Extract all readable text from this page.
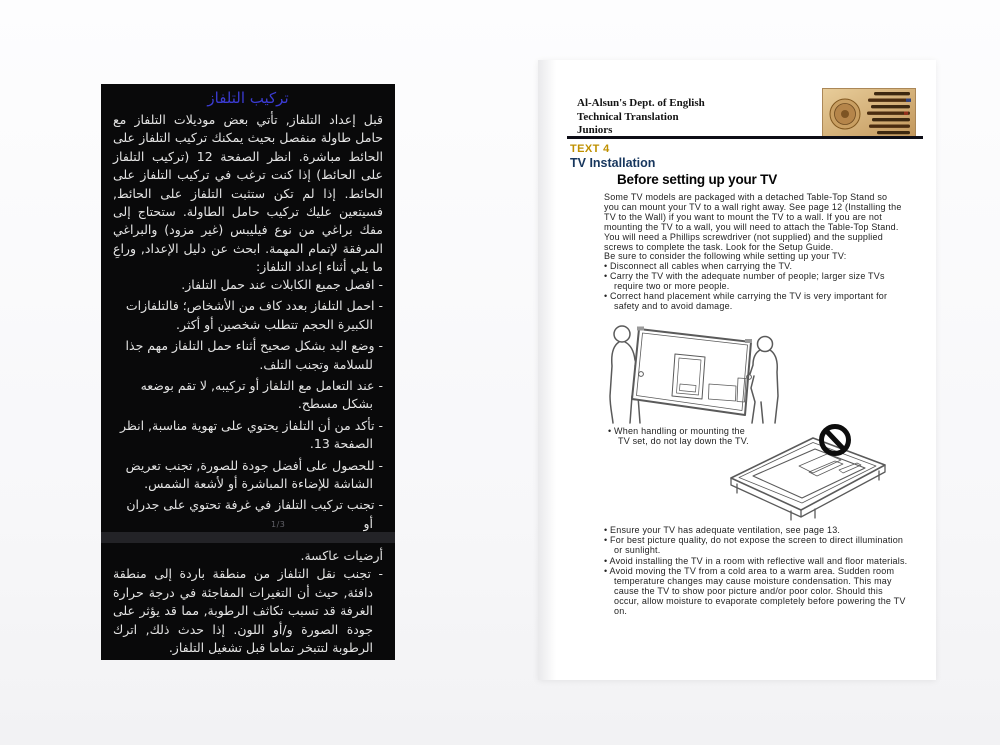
تركيب التلفاز
قبل إعداد التلفاز, تأتي بعض موديلات التلفاز مع حامل طاولة منفصل بحيث يمكنك تركيب التلفاز على الحائط مباشرة. انظر الصفحة 12 (تركيب التلفاز على الحائط) إذا كنت ترغب في تركيب التلفاز على الحائط. إذا لم تكن ستثبت التلفاز على الحائط, فسيتعين عليك تركيب حامل الطاولة. ستحتاج إلى مفك براغي من نوع فيليبس (غير مزود) والبراغي المرفقة لإتمام المهمة. ابحث عن دليل الإعداد, وراعِ ما يلي أثناء إعداد التلفاز:

- افصل جميع الكابلات عند حمل التلفاز.

- احمل التلفاز بعدد كاف من الأشخاص؛ فالتلفازات الكبيرة الحجم تتطلب شخصين أو أكثر.

- وضع اليد بشكل صحيح أثناء حمل التلفاز مهم جذا للسلامة وتجنب التلف.

- عند التعامل مع التلفاز أو تركيبه, لا تقم بوضعه بشكل مسطح.

- تأكد من أن التلفاز يحتوي على تهوية مناسبة, انظر الصفحة 13.

- للحصول على أفضل جودة للصورة, تجنب تعريض الشاشة للإضاءة المباشرة أو لأشعة الشمس.

- تجنب تركيب التلفاز في غرفة تحتوي على جدران أو

1/3

أرضيات عاكسة.

- تجنب نقل التلفاز من منطقة باردة إلى منطقة دافئة, حيث أن التغيرات المفاجئة في درجة حرارة الغرفة قد تسبب تكاثف الرطوبة, مما قد يؤثر على جودة الصورة و/أو اللون. إذا حدث ذلك, اترك الرطوبة لتتبخر تماما قبل تشغيل التلفاز.

Al-Alsun's Dept. of English
Technical Translation
Juniors
TEXT 4
TV Installation
Before setting up your TV

Some TV models are packaged with a detached Table-Top Stand so you can mount your TV to a wall right away. See page 12 (Installing the TV to the Wall) if you want to mount the TV to a wall. If you are not mounting the TV to a wall, you will need to attach the Table-Top Stand. You will need a Phillips screwdriver (not supplied) and the supplied screws to complete the task. Look for the Setup Guide.

Be sure to consider the following while setting up your TV:

• Disconnect all cables when carrying the TV.

• Carry the TV with the adequate number of people; larger size TVs require two or more people.

• Correct hand placement while carrying the TV is very important for safety and to avoid damage.

• When handling or mounting the TV set, do not lay down the TV.

• Ensure your TV has adequate ventilation, see page 13.

• For best picture quality, do not expose the screen to direct illumination or sunlight.

• Avoid installing the TV in a room with reflective wall and floor materials.

• Avoid moving the TV from a cold area to a warm area. Sudden room temperature changes may cause moisture condensation. This may cause the TV to show poor picture and/or poor color. Should this occur, allow moisture to evaporate completely before powering the TV on.
